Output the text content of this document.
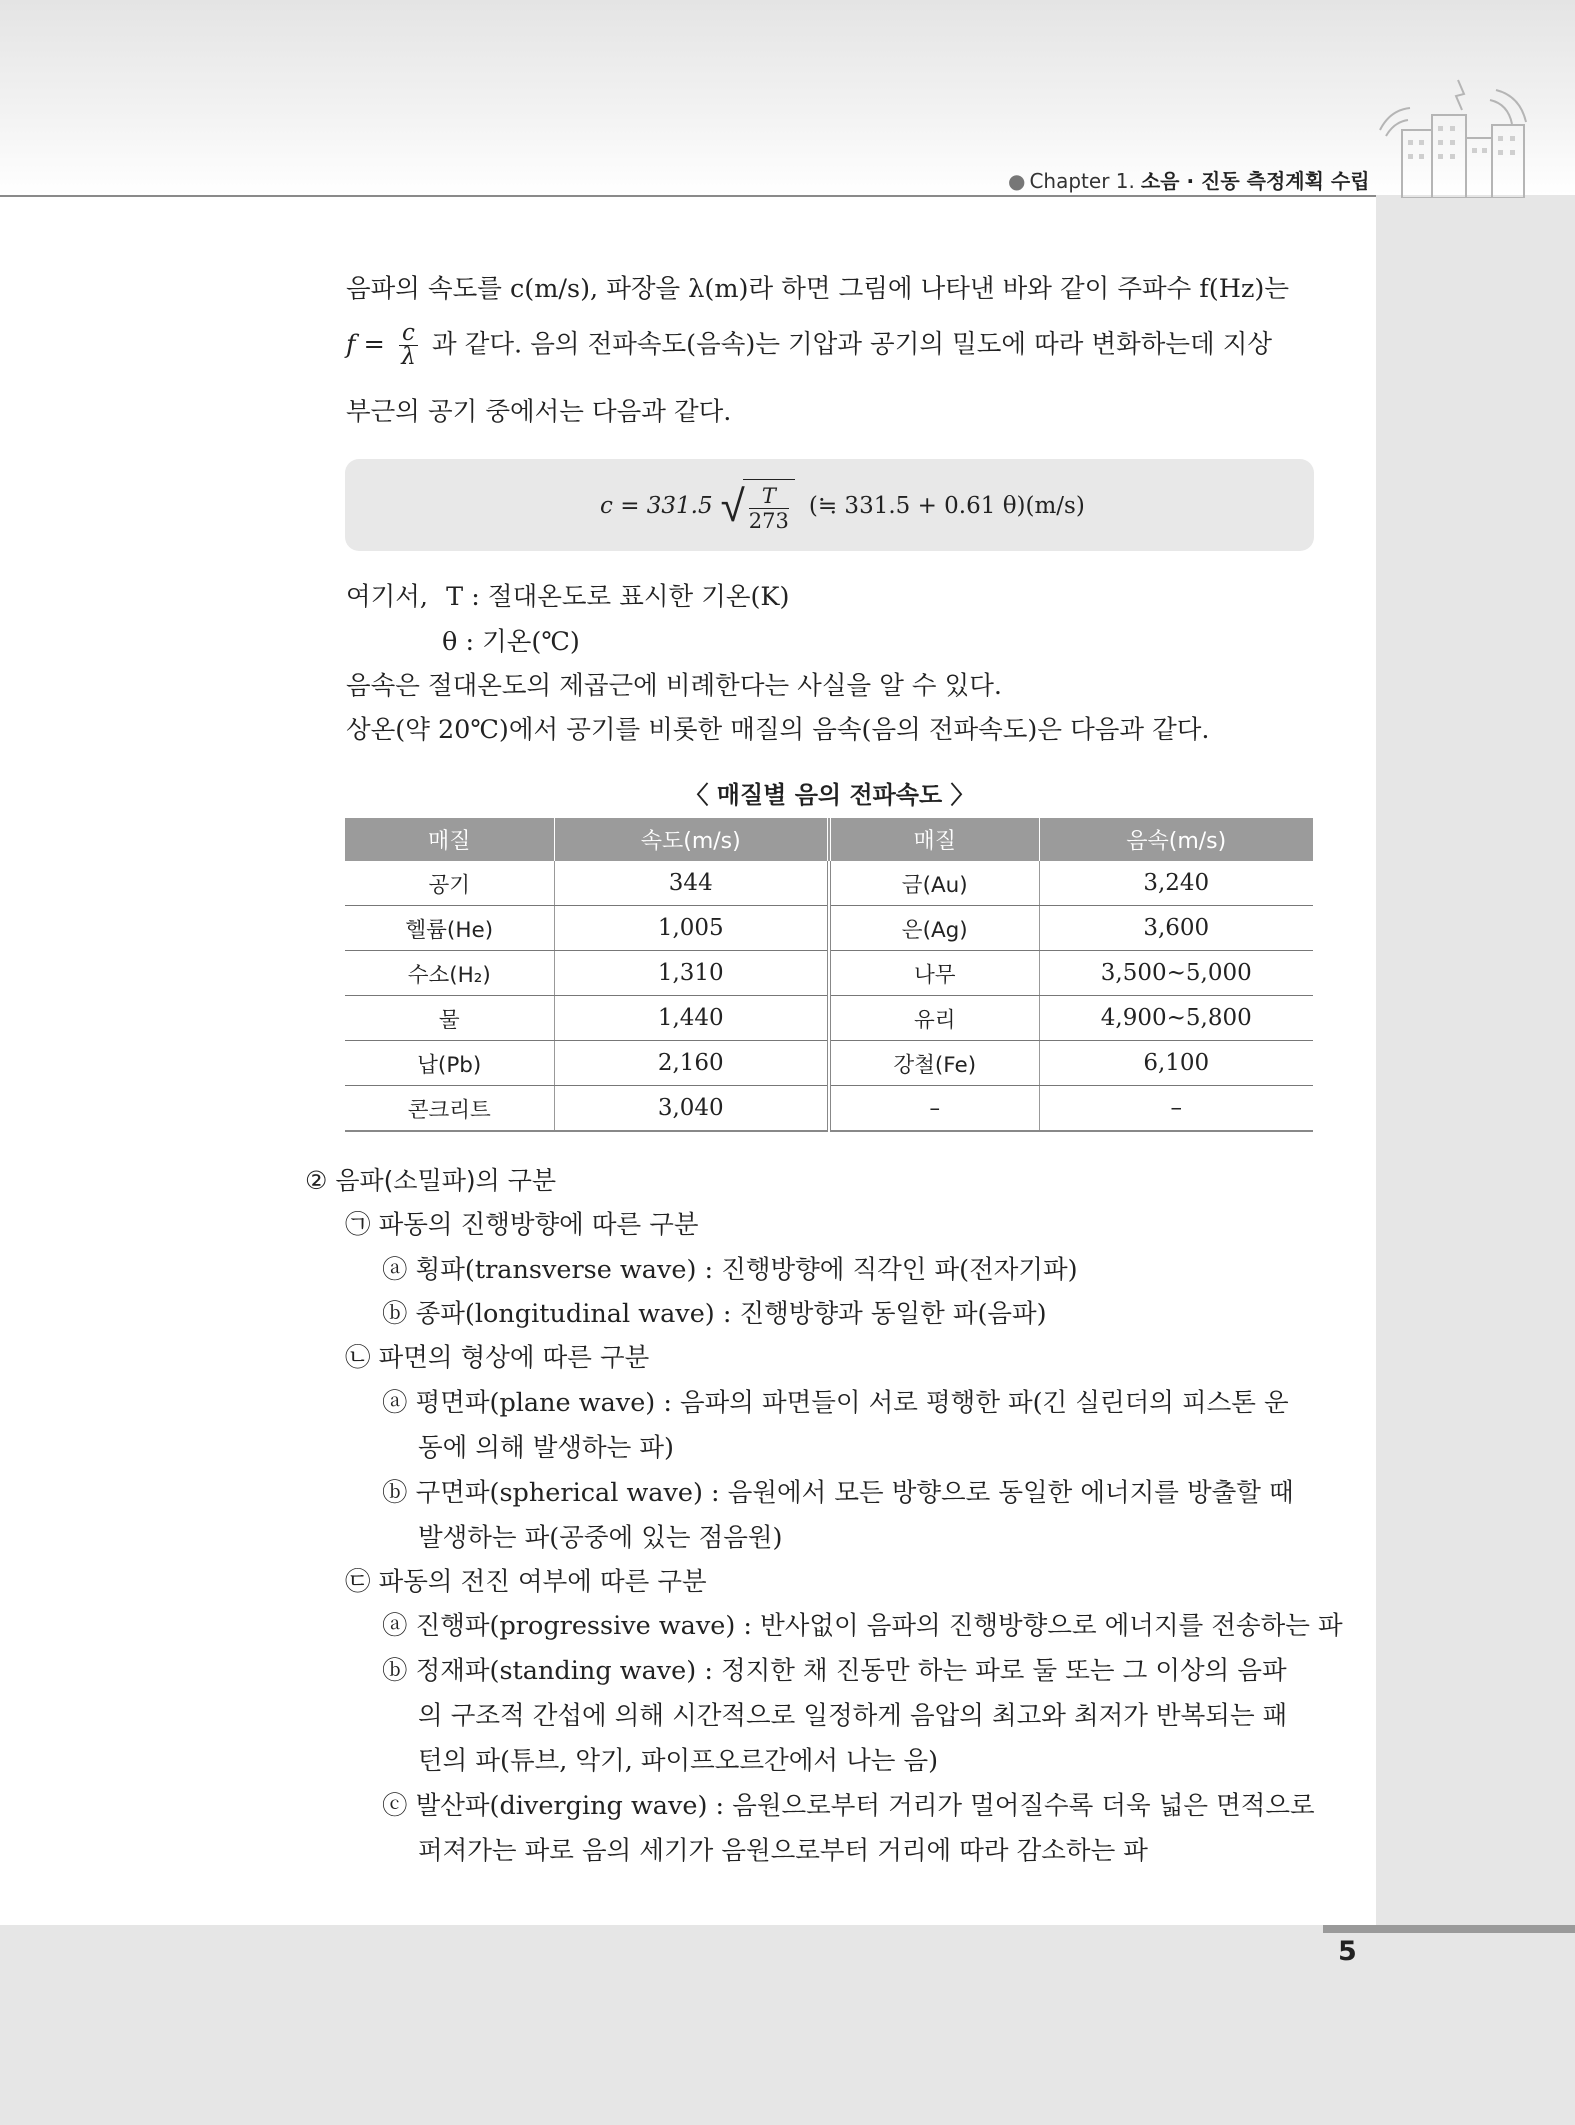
● Chapter 1. 소음 · 진동 측정계획 수립
음파의 속도를 c(m/s), 파장을 λ(m)라 하면 그림에 나타낸 바와 같이 주파수 f(Hz)는
$f = \frac{c}{\lambda}$ 과 같다. 음의 전파속도(음속)는 기압과 공기의 밀도에 따라 변화하는데 지상
부근의 공기 중에서는 다음과 같다.
c = 331.5 √
$\frac{T}{273}$ (≒ 331.5 + 0.61 θ)(m/s)
여기서, T : 절대온도로 표시한 기온(K)
θ : 기온(℃)
음속은 절대온도의 제곱근에 비례한다는 사실을 알 수 있다.
상온(약 20℃)에서 공기를 비롯한 매질의 음속(음의 전파속도)은 다음과 같다.
〈 매질별 음의 전파속도 〉
매질	속도(m/s)	매질	음속(m/s)
공기	344	금(Au)	3,240
헬륨(He)	1,005	은(Ag)	3,600
수소(H₂)	1,310	나무	3,500~5,000
물	1,440	유리	4,900~5,800
납(Pb)	2,160	강철(Fe)	6,100
콘크리트	3,040	–	–
② 음파(소밀파)의 구분
㉠ 파동의 진행방향에 따른 구분
ⓐ 횡파(transverse wave) : 진행방향에 직각인 파(전자기파)
ⓑ 종파(longitudinal wave) : 진행방향과 동일한 파(음파)
㉡ 파면의 형상에 따른 구분
ⓐ 평면파(plane wave) : 음파의 파면들이 서로 평행한 파(긴 실린더의 피스톤 운
동에 의해 발생하는 파)
ⓑ 구면파(spherical wave) : 음원에서 모든 방향으로 동일한 에너지를 방출할 때
발생하는 파(공중에 있는 점음원)
㉢ 파동의 전진 여부에 따른 구분
ⓐ 진행파(progressive wave) : 반사없이 음파의 진행방향으로 에너지를 전송하는 파
ⓑ 정재파(standing wave) : 정지한 채 진동만 하는 파로 둘 또는 그 이상의 음파
의 구조적 간섭에 의해 시간적으로 일정하게 음압의 최고와 최저가 반복되는 패
턴의 파(튜브, 악기, 파이프오르간에서 나는 음)
ⓒ 발산파(diverging wave) : 음원으로부터 거리가 멀어질수록 더욱 넓은 면적으로
퍼져가는 파로 음의 세기가 음원으로부터 거리에 따라 감소하는 파
5
